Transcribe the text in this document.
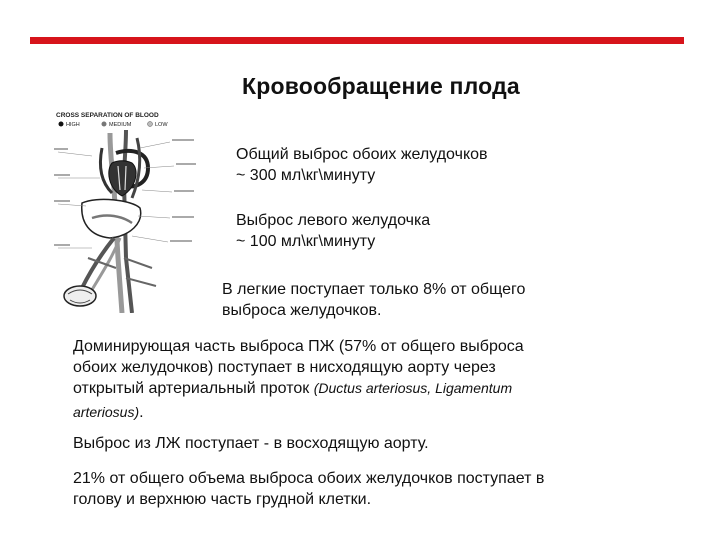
Кровообращение плода
CROSS SEPARATION OF BLOOD
HIGH	MEDIUM	LOW
Общий выброс обоих желудочков
~ 300 мл\кг\минуту
Выброс левого желудочка
~ 100 мл\кг\минуту
В легкие поступает только 8% от общего
выброса желудочков.
Доминирующая часть выброса ПЖ (57% от общего выброса
обоих желудочков) поступает в нисходящую аорту через
открытый артериальный проток (Ductus arteriosus, Ligamentum
arteriosus).
Выброс из ЛЖ поступает - в восходящую аорту.
21% от общего объема выброса обоих желудочков поступает в
голову и верхнюю часть грудной клетки.
